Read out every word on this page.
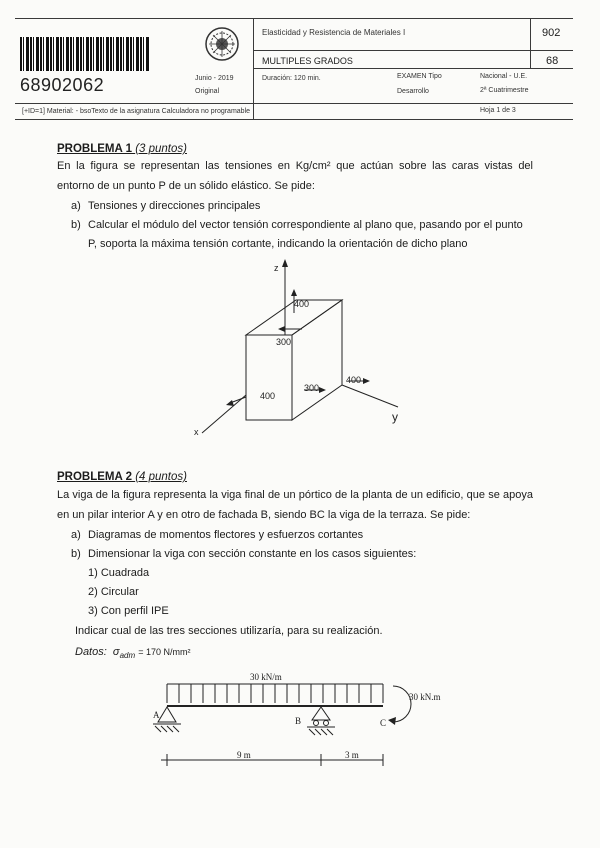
68902062
Elasticidad y Resistencia de Materiales I	902
MULTIPLES GRADOS	68
Junio - 2019
Original
Duración: 120 min.	EXAMEN Tipo
Desarrollo
Nacional - U.E.
2ª Cuatrimestre
Hoja 1 de 3
[+ID=1] Material: - bsoTexto de la asignatura Calculadora no programable
PROBLEMA 1 (3 puntos)
En la figura se representan las tensiones en Kg/cm² que actúan sobre las caras vistas del
entorno de un punto P de un sólido elástico. Se pide:
a) Tensiones y direcciones principales
b) Calcular el módulo del vector tensión correspondiente al plano que, pasando por el punto
P, soporta la máxima tensión cortante, indicando la orientación de dicho plano
z
y
x
400
300
300
400
400
PROBLEMA 2 (4 puntos)
La viga de la figura representa la viga final de un pórtico de la planta de un edificio, que se apoya
en un pilar interior A y en otro de fachada B, siendo BC la viga de la terraza. Se pide:
a) Diagramas de momentos flectores y esfuerzos cortantes
b) Dimensionar la viga con sección constante en los casos siguientes:
1) Cuadrada
2) Circular
3) Con perfil IPE
Indicar cual de las tres secciones utilizaría, para su realización.
Datos: $\sigma_{adm} = 170$ N/mm²
30 kN/m
30 kN.m
A
B	C
9 m	3 m
